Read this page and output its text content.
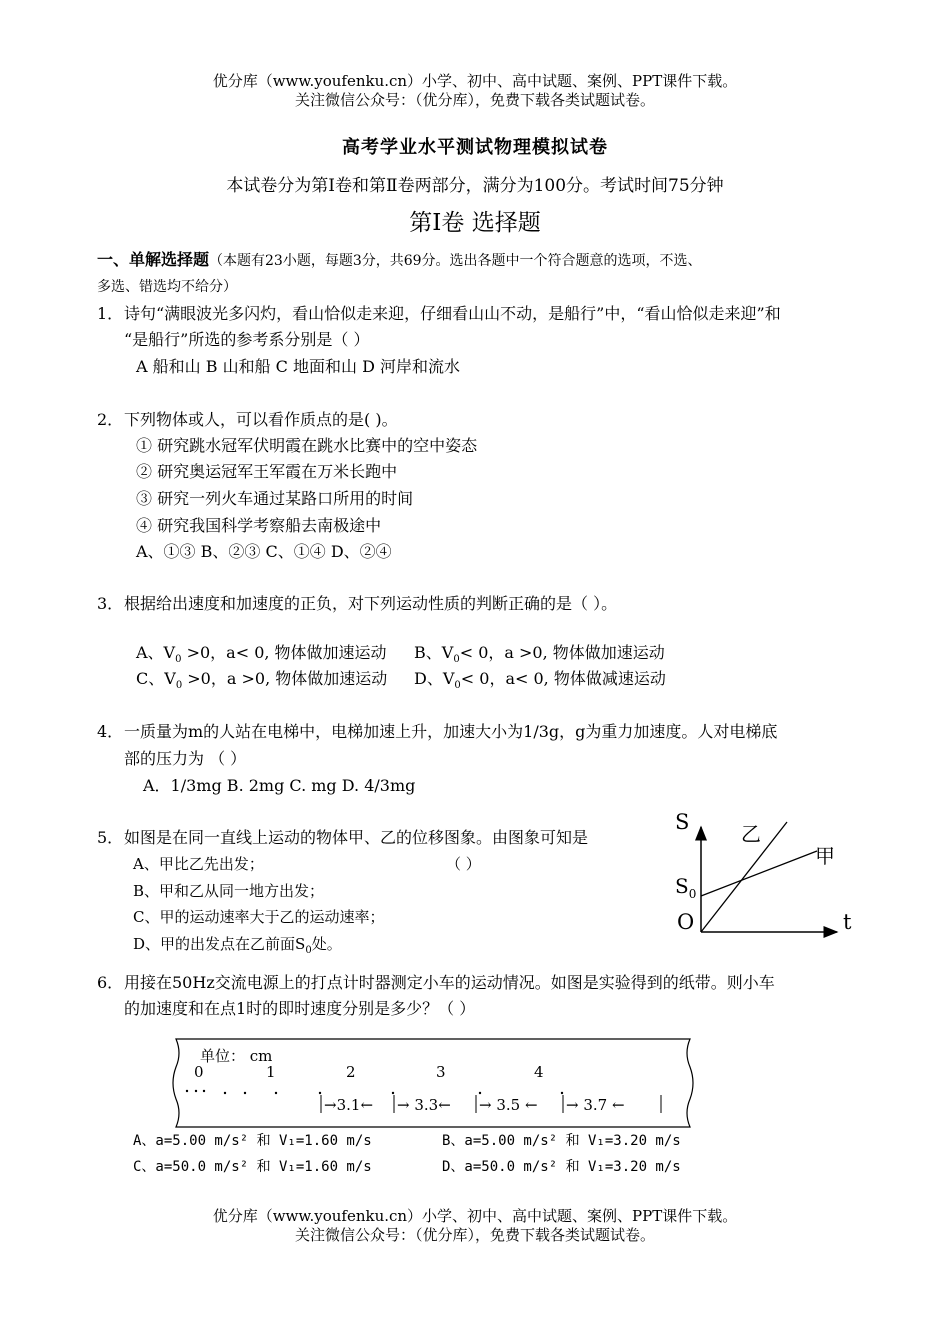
优分库（www.youfenku.cn）小学、初中、高中试题、案例、PPT课件下载。
关注微信公众号：（优分库），免费下载各类试题试卷。
高考学业水平测试物理模拟试卷
本试卷分为第Ⅰ卷和第Ⅱ卷两部分，满分为100分。考试时间75分钟
第Ⅰ卷 选择题
一、单解选择题（本题有23小题，每题3分，共69分。选出各题中一个符合题意的选项，不选、
多选、错选均不给分）
1． 诗句“满眼波光多闪灼，看山恰似走来迎，仔细看山山不动，是船行”中，“看山恰似走来迎”和
“是船行”所选的参考系分别是（ ）
A 船和山 B 山和船 C 地面和山 D 河岸和流水
2． 下列物体或人，可以看作质点的是( )。
① 研究跳水冠军伏明霞在跳水比赛中的空中姿态
② 研究奥运冠军王军霞在万米长跑中
③ 研究一列火车通过某路口所用的时间
④ 研究我国科学考察船去南极途中
A、①③ B、②③ C、①④ D、②④
3． 根据给出速度和加速度的正负，对下列运动性质的判断正确的是（ ）。
A、$V_0 >0$，a< 0, 物体做加速运动 B、$V_0< 0$，a >0, 物体做加速运动
C、$V_0 >0$，a >0, 物体做加速运动 D、$V_0< 0$，a< 0, 物体做减速运动
4． 一质量为m的人站在电梯中，电梯加速上升，加速大小为1/3g，g为重力加速度。人对电梯底
部的压力为 （ ）
A．1/3mg B. 2mg C. mg D. 4/3mg
5． 如图是在同一直线上运动的物体甲、乙的位移图象。由图象可知是
A、甲比乙先出发；	（ ）
B、甲和乙从同一地方出发；
C、甲的运动速率大于乙的运动速率；
D、甲的出发点在乙前面$S_0$处。
S
t
O
$S_0$
乙
甲
6． 用接在50Hz交流电源上的打点计时器测定小车的运动情况。如图是实验得到的纸带。则小车
的加速度和在点1时的即时速度分别是多少？（ ）
单位： cm
0	1	2	3	4
→3.1← → 3.3← → 3.5 ← → 3.7 ←
A、a=5.00 m/s² 和 V₁=1.60 m/s	B、a=5.00 m/s² 和 V₁=3.20 m/s
C、a=50.0 m/s² 和 V₁=1.60 m/s	D、a=50.0 m/s² 和 V₁=3.20 m/s
优分库（www.youfenku.cn）小学、初中、高中试题、案例、PPT课件下载。
关注微信公众号：（优分库），免费下载各类试题试卷。
